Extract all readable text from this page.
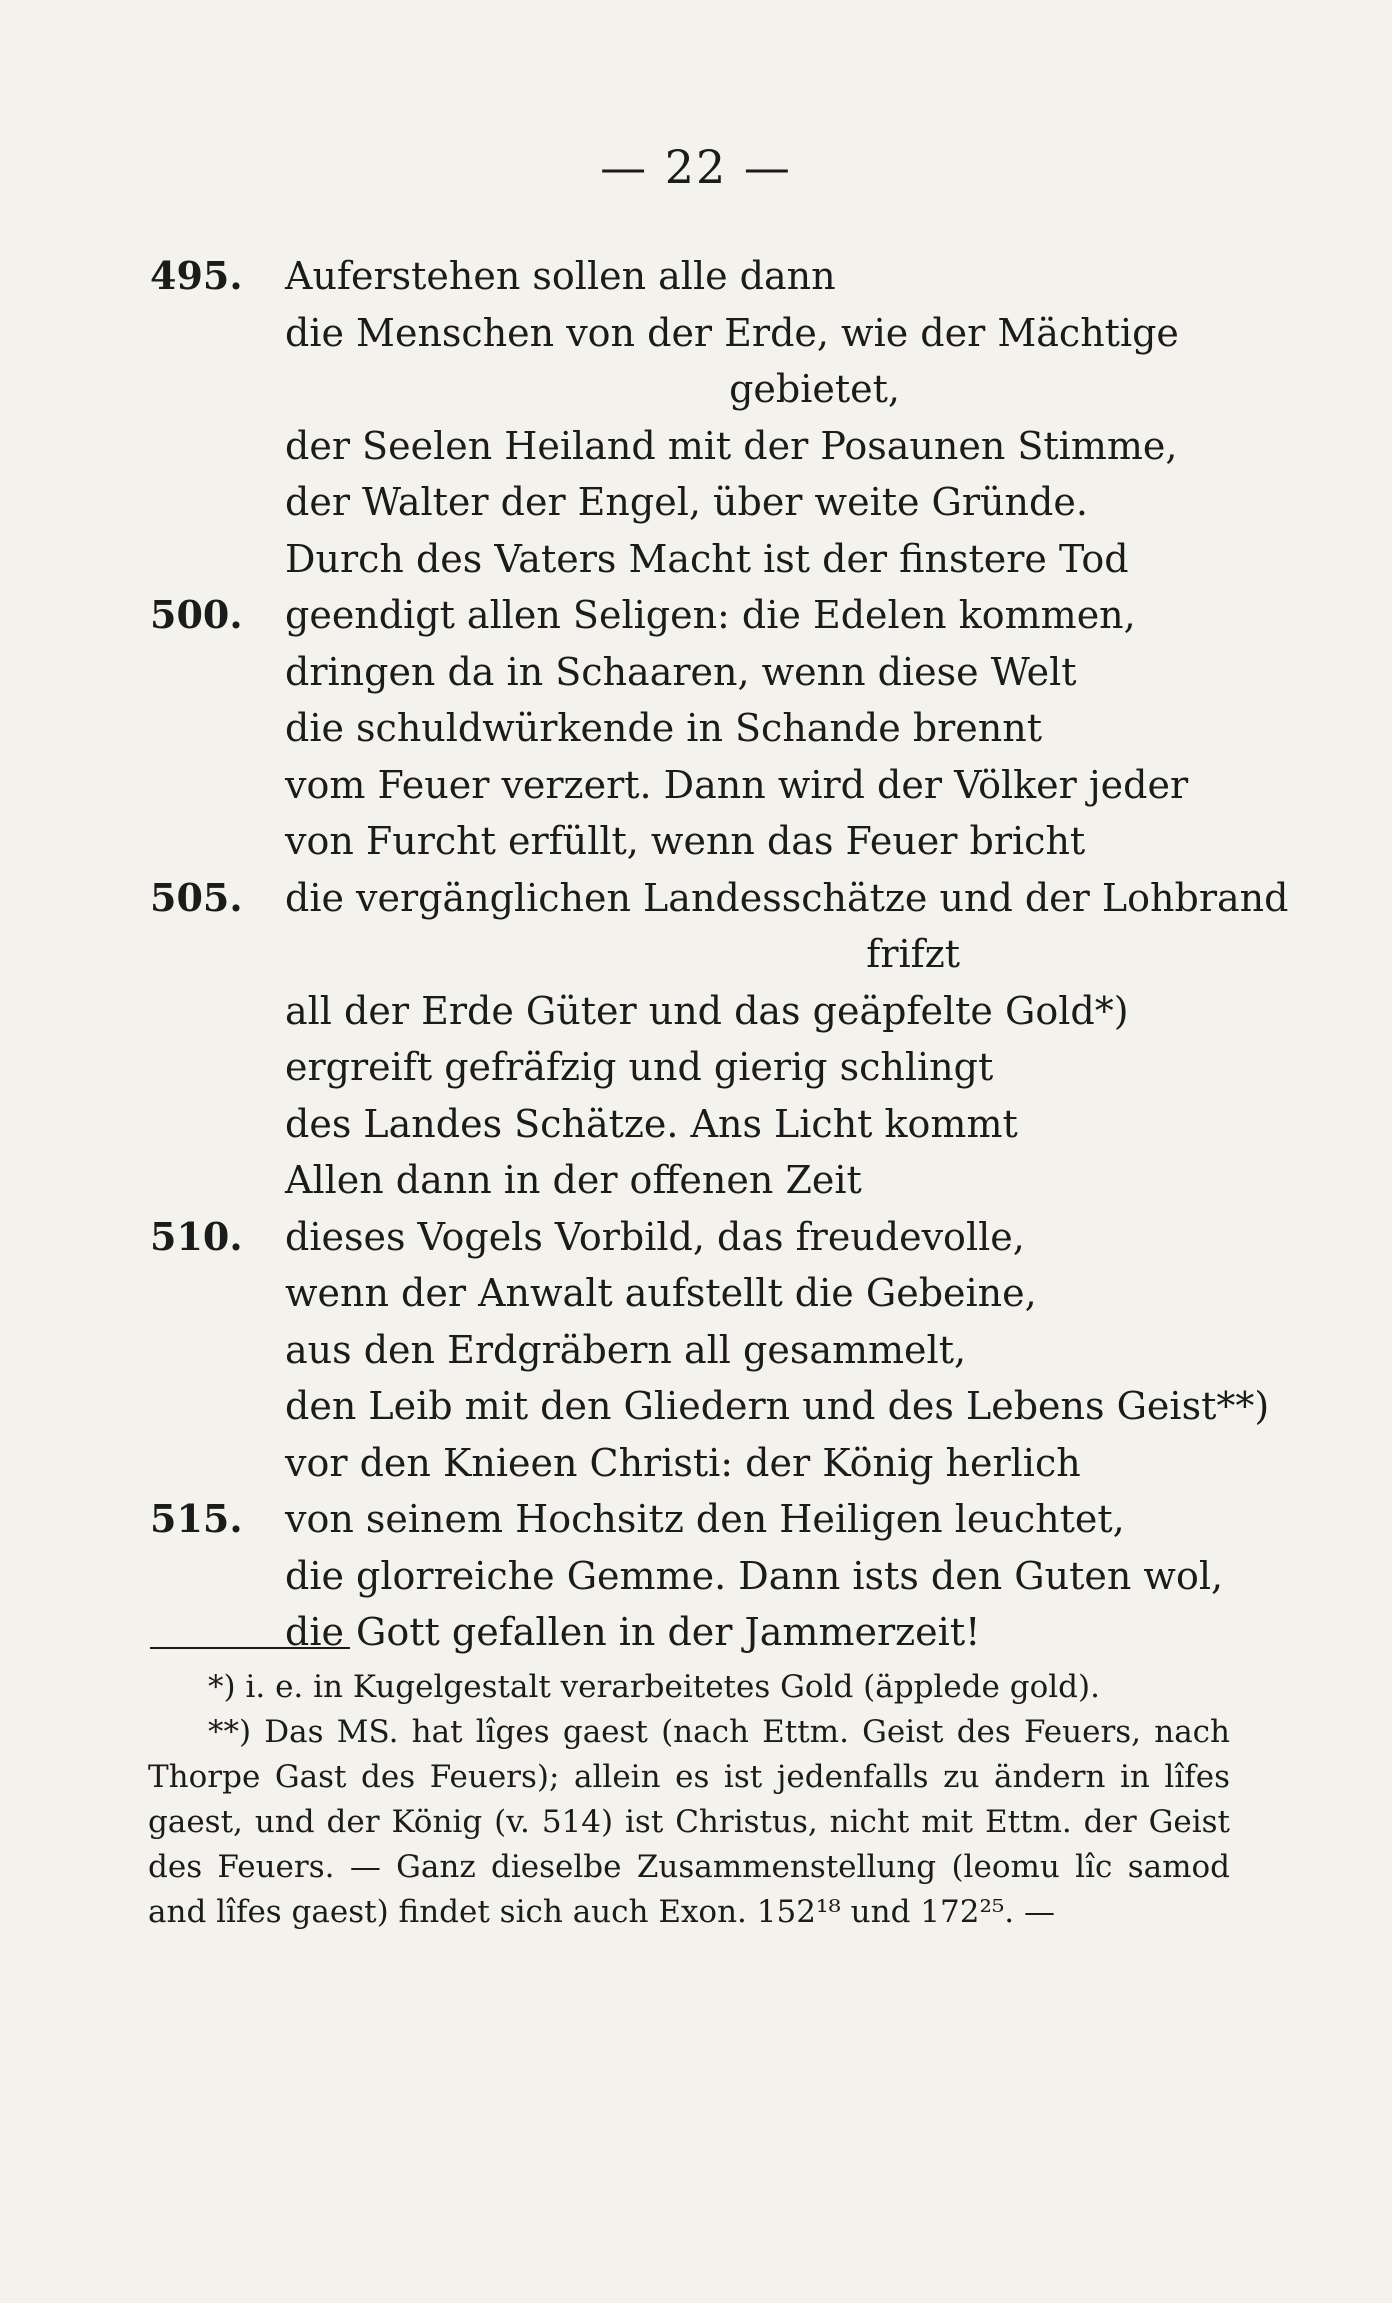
— 22 —
495.	Auferstehen sollen alle dann
die Menschen von der Erde, wie der Mächtige
gebietet,
der Seelen Heiland mit der Posaunen Stimme,
der Walter der Engel, über weite Gründe.
Durch des Vaters Macht ist der finstere Tod
500.	geendigt allen Seligen: die Edelen kommen,
dringen da in Schaaren, wenn diese Welt
die schuldwürkende in Schande brennt
vom Feuer verzert. Dann wird der Völker jeder
von Furcht erfüllt, wenn das Feuer bricht
505.	die vergänglichen Landesschätze und der Lohbrand
frifzt
all der Erde Güter und das geäpfelte Gold*)
ergreift gefräfzig und gierig schlingt
des Landes Schätze. Ans Licht kommt
Allen dann in der offenen Zeit
510.	dieses Vogels Vorbild, das freudevolle,
wenn der Anwalt aufstellt die Gebeine,
aus den Erdgräbern all gesammelt,
den Leib mit den Gliedern und des Lebens Geist**)
vor den Knieen Christi: der König herlich
515.	von seinem Hochsitz den Heiligen leuchtet,
die glorreiche Gemme. Dann ists den Guten wol,
die Gott gefallen in der Jammerzeit!
*) i. e. in Kugelgestalt verarbeitetes Gold (äpplede gold).
**) Das MS. hat lîges gaest (nach Ettm. Geist des Feuers, nach Thorpe Gast des Feuers); allein es ist jedenfalls zu ändern in lîfes gaest, und der König (v. 514) ist Christus, nicht mit Ettm. der Geist des Feuers. — Ganz dieselbe Zusammenstellung (leomu lîc samod and lîfes gaest) findet sich auch Exon. 152¹⁸ und 172²⁵. —
